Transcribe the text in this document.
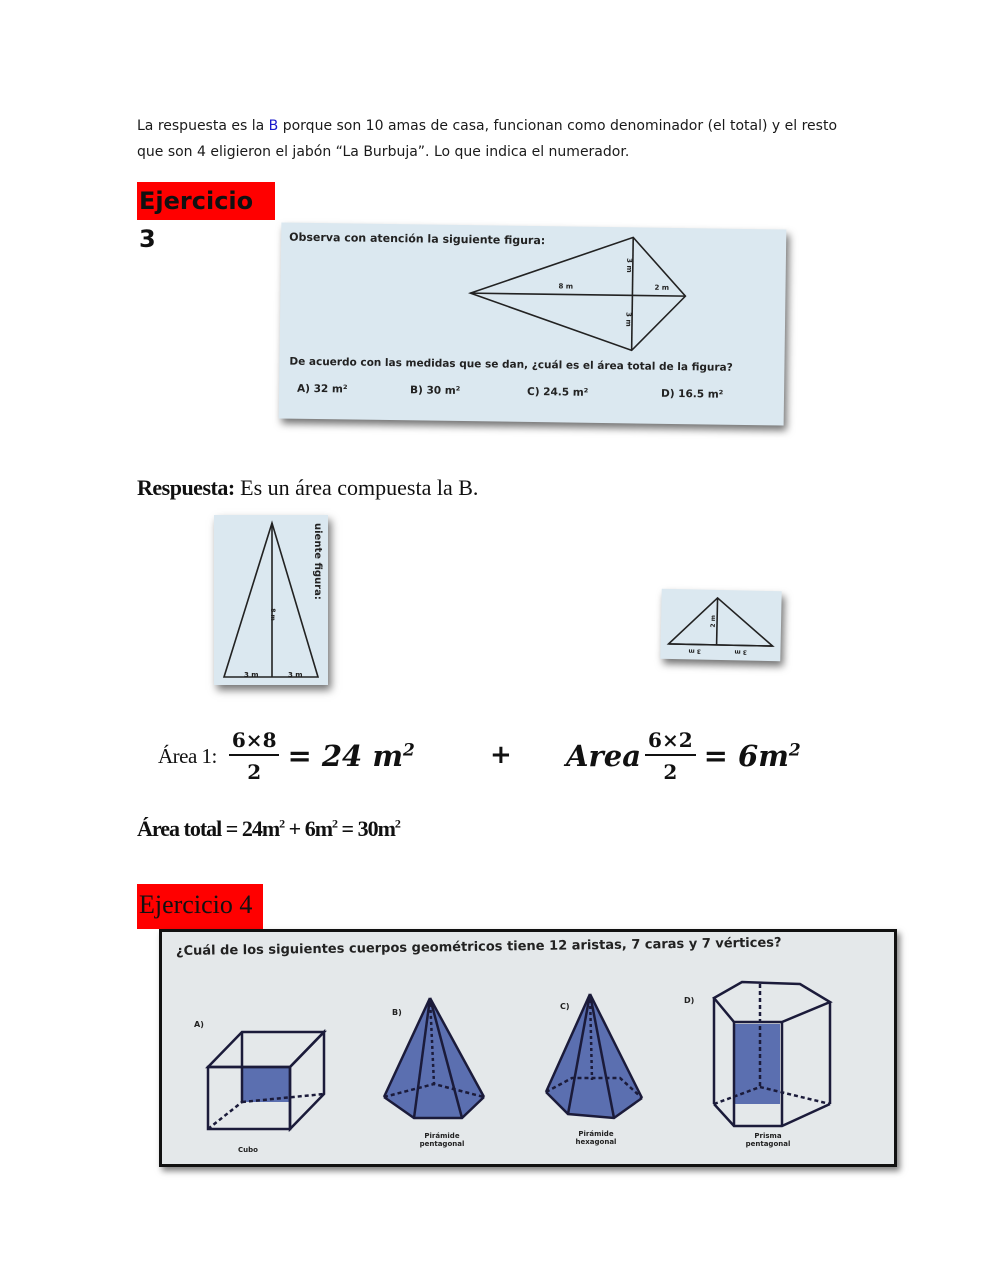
La respuesta es la B porque son 10 amas de casa, funcionan como denominador (el total) y el resto que son 4 eligieron el jabón “La Burbuja”. Lo que indica el numerador.
Ejercicio 3	Observa con atención la siguiente figura:
8 m	2 m
3 m
3 m
De acuerdo con las medidas que se dan, ¿cuál es el área total de la figura?
A) 32 m²	B) 30 m²	C) 24.5 m²	D) 16.5 m²
Respuesta: Es un área compuesta la B.
uiente figura:
8 m
3 m	3 m
2 m
3 m	3 m
Área 1: $\frac{6\times 8}{2} = 24$ $m^2$	+ Area $\frac{6\times 2}{2} = 6m^2$
Área total = $24m^2 + 6m^2 = 30m^2$
Ejercicio 4
¿Cuál de los siguientes cuerpos geométricos tiene 12 aristas, 7 caras y 7 vértices?
A)
B)
C)
D)
Cubo
Pirámide pentagonal
Pirámide hexagonal
Prisma pentagonal
